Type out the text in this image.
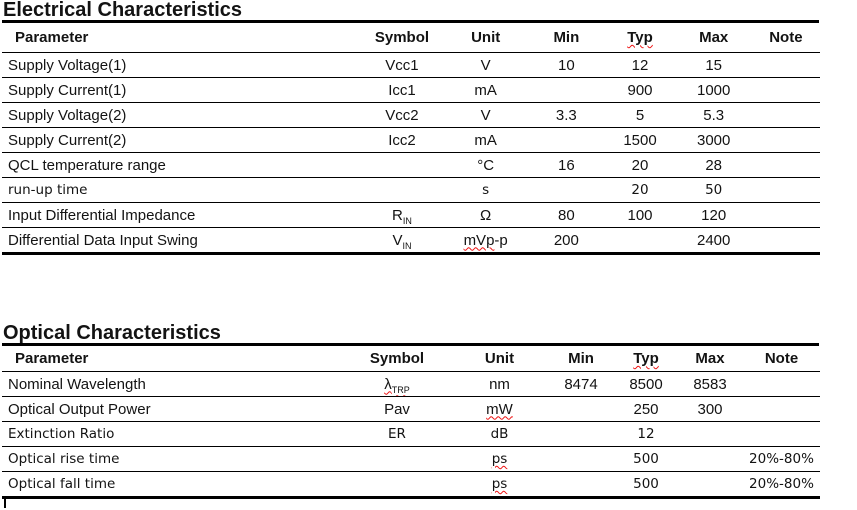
Electrical Characteristics
Parameter	Symbol	Unit	Min	Typ	Max	Note
Supply Voltage(1)	Vcc1	V	10	12	15	
Supply Current(1)	Icc1	mA		900	1000	
Supply Voltage(2)	Vcc2	V	3.3	5	5.3	
Supply Current(2)	Icc2	mA		1500	3000	
QCL temperature range		°C	16	20	28	
run-up time		s		20	50	
Input Differential Impedance	$R_{IN}$	Ω	80	100	120	
Differential Data Input Swing	$V_{IN}$	mVp-p	200		2400	
Optical Characteristics
Parameter	Symbol	Unit	Min	Typ	Max	Note
Nominal Wavelength	$\lambda_{TRP}$	nm	8474	8500	8583	
Optical Output Power	Pav	mW		250	300	
Extinction Ratio	ER	dB		12		
Optical rise time		ps		500		20%-80%
Optical fall time		ps		500		20%-80%
